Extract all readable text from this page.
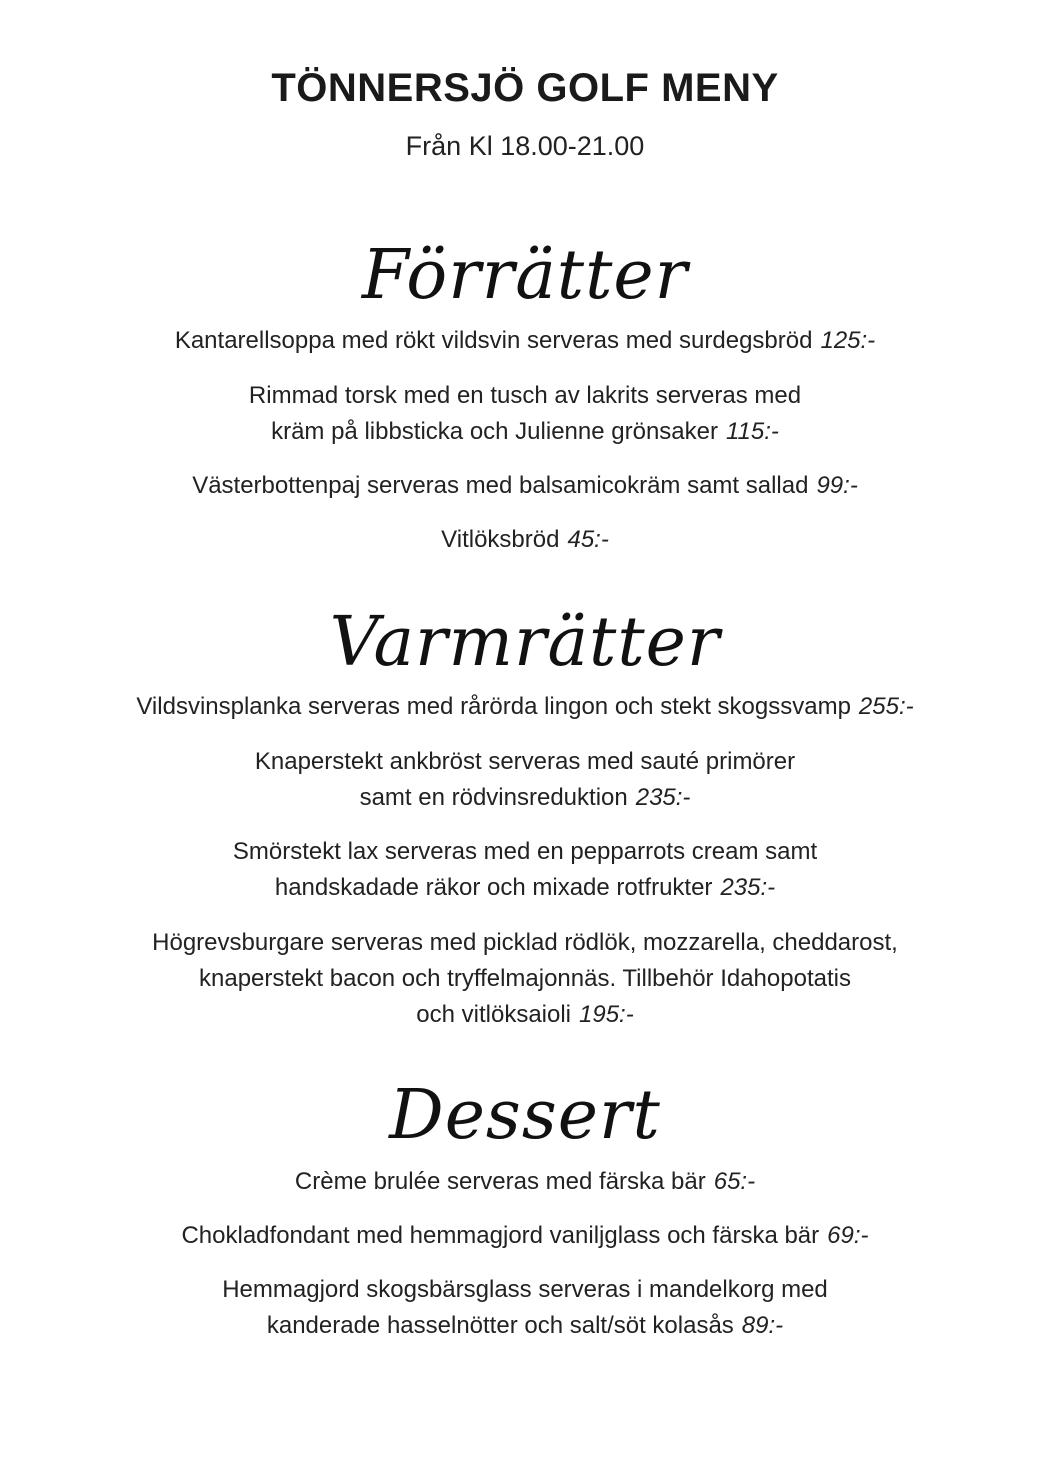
TÖNNERSJÖ GOLF MENY
Från Kl 18.00-21.00
Förrätter
Kantarellsoppa med rökt vildsvin serveras med surdegsbröd 125:-
Rimmad torsk med en tusch av lakrits serveras med
kräm på libbsticka och Julienne grönsaker 115:-
Västerbottenpaj serveras med balsamicokräm samt sallad 99:-
Vitlöksbröd 45:-
Varmrätter
Vildsvinsplanka serveras med rårörda lingon och stekt skogssvamp 255:-
Knaperstekt ankbröst serveras med sauté primörer
samt en rödvinsreduktion 235:-
Smörstekt lax serveras med en pepparrots cream samt
handskadade räkor och mixade rotfrukter 235:-
Högrevsburgare serveras med picklad rödlök, mozzarella, cheddarost,
knaperstekt bacon och tryffelmajonnäs. Tillbehör Idahopotatis
och vitlöksaioli 195:-
Dessert
Crème brulée serveras med färska bär 65:-
Chokladfondant med hemmagjord vaniljglass och färska bär 69:-
Hemmagjord skogsbärsglass serveras i mandelkorg med
kanderade hasselnötter och salt/söt kolasås 89:-
